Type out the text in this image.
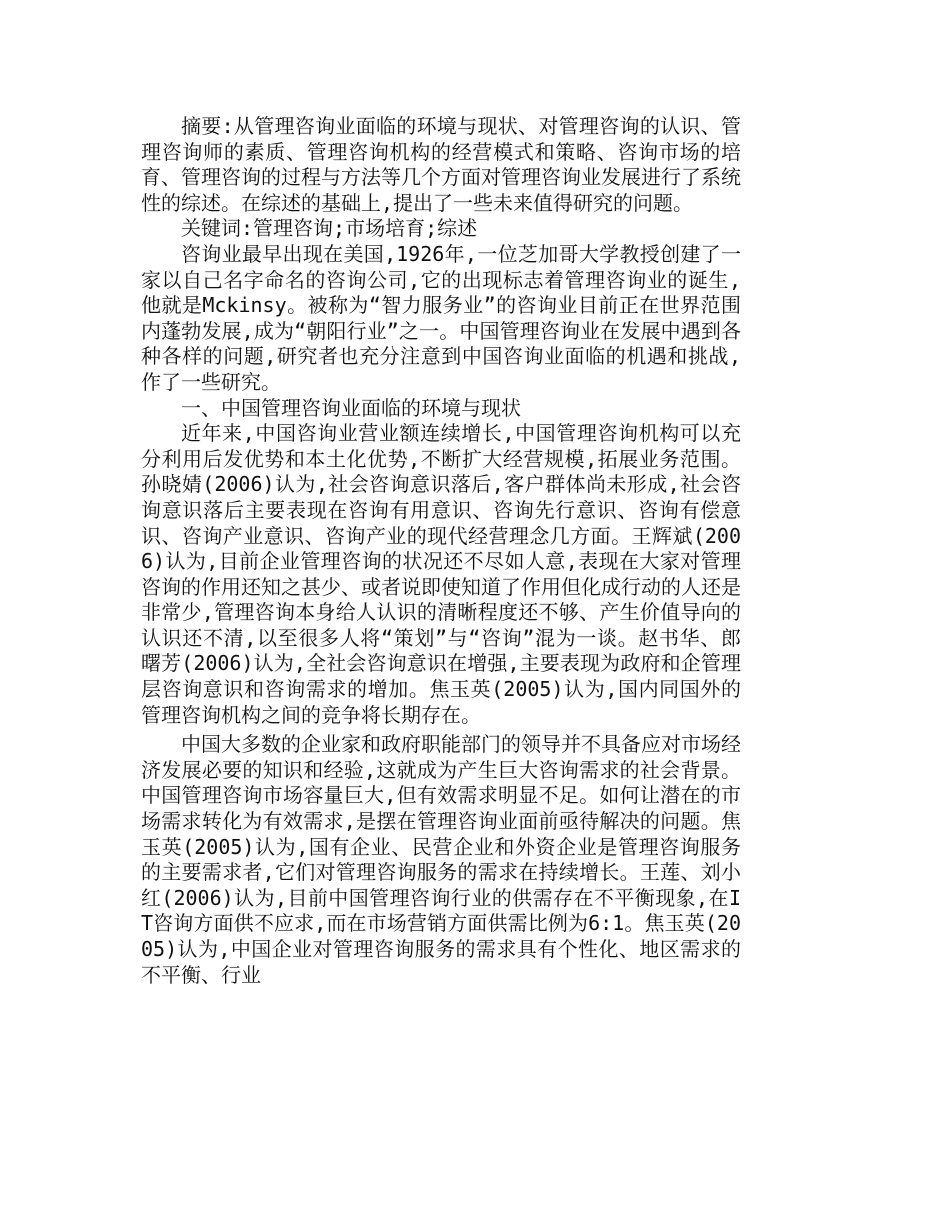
摘要:从管理咨询业面临的环境与现状、对管理咨询的认识、管理咨询师的素质、管理咨询机构的经营模式和策略、咨询市场的培育、管理咨询的过程与方法等几个方面对管理咨询业发展进行了系统性的综述。在综述的基础上,提出了一些未来值得研究的问题。

关键词:管理咨询;市场培育;综述

咨询业最早出现在美国,1926年,一位芝加哥大学教授创建了一家以自己名字命名的咨询公司,它的出现标志着管理咨询业的诞生,他就是Mckinsy。被称为“智力服务业”的咨询业目前正在世界范围内蓬勃发展,成为“朝阳行业”之一。中国管理咨询业在发展中遇到各种各样的问题,研究者也充分注意到中国咨询业面临的机遇和挑战,作了一些研究。

一、中国管理咨询业面临的环境与现状

近年来,中国咨询业营业额连续增长,中国管理咨询机构可以充分利用后发优势和本土化优势,不断扩大经营规模,拓展业务范围。孙晓婧(2006)认为,社会咨询意识落后,客户群体尚未形成,社会咨询意识落后主要表现在咨询有用意识、咨询先行意识、咨询有偿意识、咨询产业意识、咨询产业的现代经营理念几方面。王辉斌(2006)认为,目前企业管理咨询的状况还不尽如人意,表现在大家对管理咨询的作用还知之甚少、或者说即使知道了作用但化成行动的人还是非常少,管理咨询本身给人认识的清晰程度还不够、产生价值导向的认识还不清,以至很多人将“策划”与“咨询”混为一谈。赵书华、郎曙芳(2006)认为,全社会咨询意识在增强,主要表现为政府和企管理层咨询意识和咨询需求的增加。焦玉英(2005)认为,国内同国外的管理咨询机构之间的竞争将长期存在。

中国大多数的企业家和政府职能部门的领导并不具备应对市场经济发展必要的知识和经验,这就成为产生巨大咨询需求的社会背景。中国管理咨询市场容量巨大,但有效需求明显不足。如何让潜在的市场需求转化为有效需求,是摆在管理咨询业面前亟待解决的问题。焦玉英(2005)认为,国有企业、民营企业和外资企业是管理咨询服务的主要需求者,它们对管理咨询服务的需求在持续增长。王莲、刘小红(2006)认为,目前中国管理咨询行业的供需存在不平衡现象,在IT咨询方面供不应求,而在市场营销方面供需比例为6:1。焦玉英(2005)认为,中国企业对管理咨询服务的需求具有个性化、地区需求的不平衡、行业
